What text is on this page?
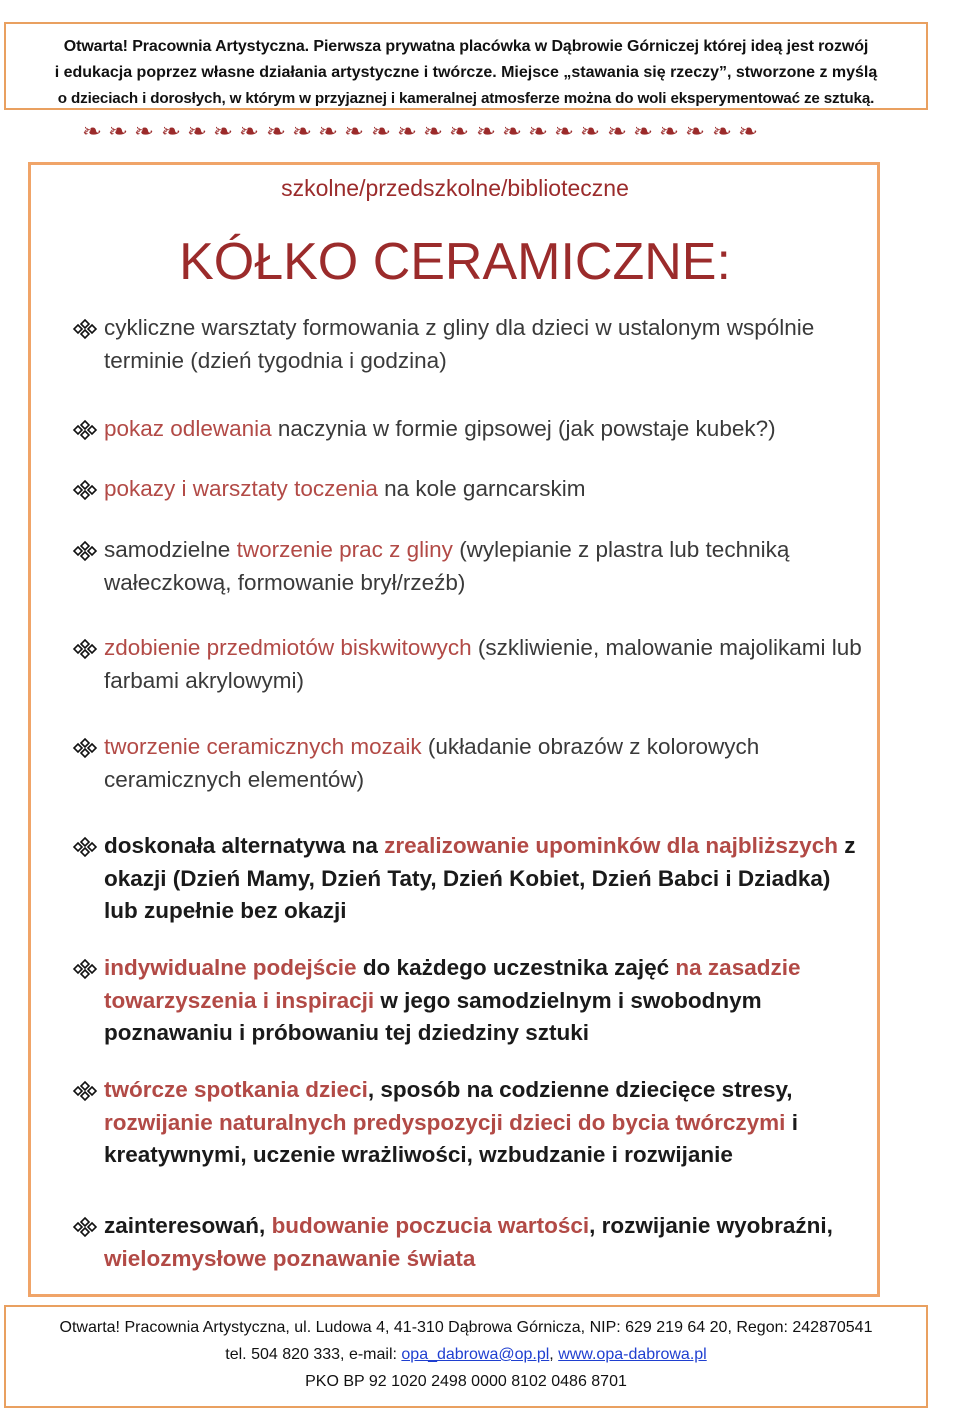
Otwarta! Pracownia Artystyczna. Pierwsza prywatna placówka w Dąbrowie Górniczej której ideą jest rozwój
i edukacja poprzez własne działania artystyczne i twórcze. Miejsce „stawania się rzeczy”, stworzone z myślą
o dzieciach i dorosłych, w którym w przyjaznej i kameralnej atmosferze można do woli eksperymentować ze sztuką.
❧ ❧ ❧ ❧ ❧ ❧ ❧ ❧ ❧ ❧ ❧ ❧ ❧ ❧ ❧ ❧ ❧ ❧ ❧ ❧ ❧ ❧ ❧ ❧ ❧ ❧
szkolne/przedszkolne/biblioteczne
KÓŁKO CERAMICZNE:
cykliczne warsztaty formowania z gliny dla dzieci w ustalonym wspólnie terminie (dzień tygodnia i godzina)
pokaz odlewania naczynia w formie gipsowej (jak powstaje kubek?)
pokazy i warsztaty toczenia na kole garncarskim
samodzielne tworzenie prac z gliny (wylepianie z plastra lub techniką wałeczkową, formowanie brył/rzeźb)
zdobienie przedmiotów biskwitowych (szkliwienie, malowanie majolikami lub farbami akrylowymi)
tworzenie ceramicznych mozaik (układanie obrazów z kolorowych ceramicznych elementów)
doskonała alternatywa na zrealizowanie upominków dla najbliższych z okazji (Dzień Mamy, Dzień Taty, Dzień Kobiet, Dzień Babci i Dziadka) lub zupełnie bez okazji
indywidualne podejście do każdego uczestnika zajęć na zasadzie towarzyszenia i inspiracji w jego samodzielnym i swobodnym poznawaniu i próbowaniu tej dziedziny sztuki
twórcze spotkania dzieci, sposób na codzienne dziecięce stresy, rozwijanie naturalnych predyspozycji dzieci do bycia twórczymi i kreatywnymi, uczenie wrażliwości, wzbudzanie i rozwijanie
zainteresowań, budowanie poczucia wartości, rozwijanie wyobraźni, wielozmysłowe poznawanie świata
Otwarta! Pracownia Artystyczna, ul. Ludowa 4, 41-310 Dąbrowa Górnicza, NIP: 629 219 64 20, Regon: 242870541
tel. 504 820 333, e-mail: opa_dabrowa@op.pl, www.opa-dabrowa.pl
PKO BP 92 1020 2498 0000 8102 0486 8701
